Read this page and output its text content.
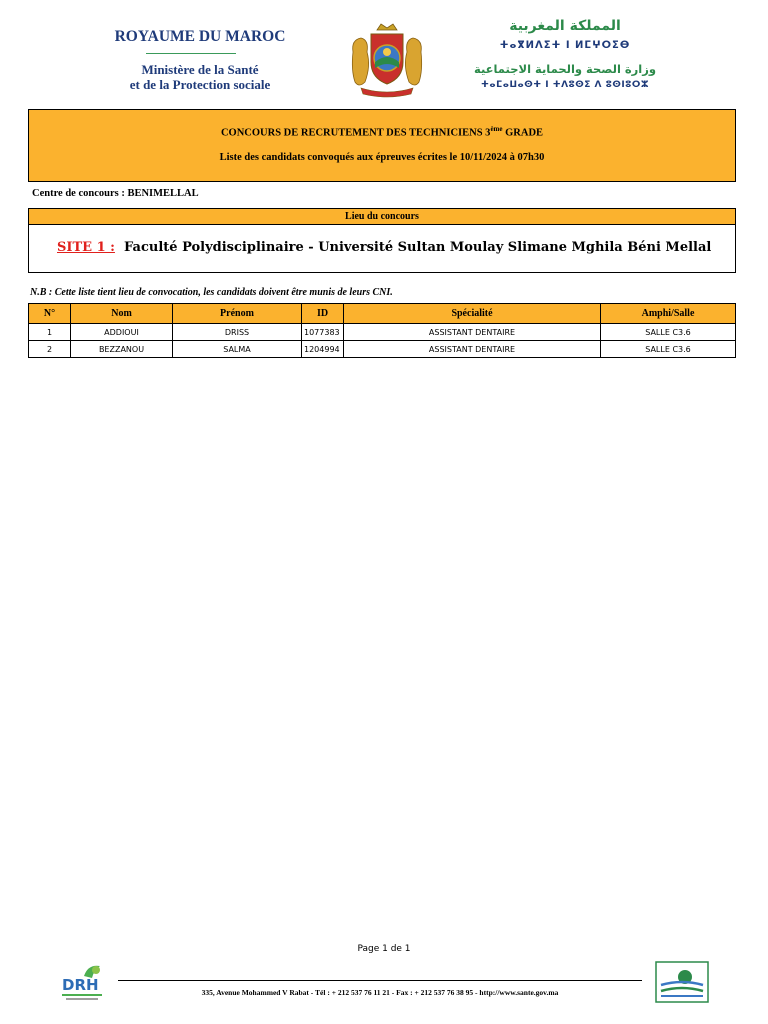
ROYAUME DU MAROC
Ministère de la Santé
et de la Protection sociale
المملكة المغربية
ⵜⴰⴳⵍⴷⵉⵜ ⵏ ⵍⵎⵖⵔⵉⴱ
وزارة الصحة والحماية الاجتماعية
ⵜⴰⵎⴰⵡⴰⵙⵜ ⵏ ⵜⴷⵓⵙⵉ ⴷ ⵓⵙⵏⵓⵔⵣ
CONCOURS DE RECRUTEMENT DES TECHNICIENS 3ème GRADE
Liste des candidats convoqués aux épreuves écrites le 10/11/2024 à 07h30
Centre de concours : BENIMELLAL
Lieu du concours
SITE 1 : Faculté Polydisciplinaire - Université Sultan Moulay Slimane Mghila Béni Mellal
N.B : Cette liste tient lieu de convocation, les candidats doivent être munis de leurs CNI.
N°	Nom	Prénom	ID	Spécialité	Amphi/Salle
1	ADDIOUI	DRISS	1077383	ASSISTANT DENTAIRE	SALLE C3.6
2	BEZZANOU	SALMA	1204994	ASSISTANT DENTAIRE	SALLE C3.6
Page 1 de 1
DRH	335, Avenue Mohammed V Rabat - Tél : + 212 537 76 11 21 - Fax : + 212 537 76 38 95 - http://www.sante.gov.ma
